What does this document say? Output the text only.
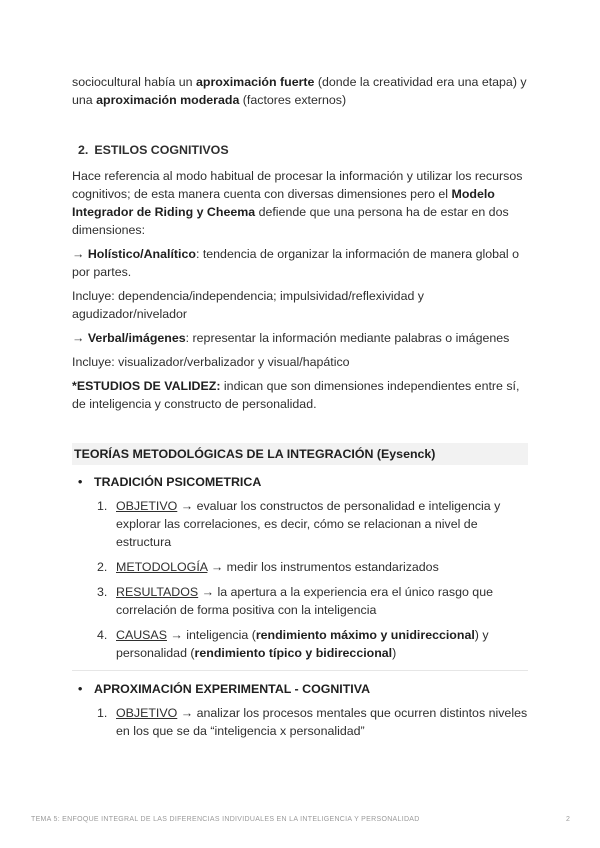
sociocultural había un aproximación fuerte (donde la creatividad era una etapa) y una aproximación moderada (factores externos)

2. ESTILOS COGNITIVOS

Hace referencia al modo habitual de procesar la información y utilizar los recursos cognitivos; de esta manera cuenta con diversas dimensiones pero el Modelo Integrador de Riding y Cheema defiende que una persona ha de estar en dos dimensiones:

→ Holístico/Analítico: tendencia de organizar la información de manera global o por partes.

Incluye: dependencia/independencia; impulsividad/reflexividad y agudizador/nivelador

→ Verbal/imágenes: representar la información mediante palabras o imágenes

Incluye: visualizador/verbalizador y visual/hapático

*ESTUDIOS DE VALIDEZ: indican que son dimensiones independientes entre sí, de inteligencia y constructo de personalidad.

TEORÍAS METODOLÓGICAS DE LA INTEGRACIÓN (Eysenck)
• TRADICIÓN PSICOMETRICA
1. OBJETIVO → evaluar los constructos de personalidad e inteligencia y explorar las correlaciones, es decir, cómo se relacionan a nivel de estructura
2. METODOLOGÍA → medir los instrumentos estandarizados
3. RESULTADOS → la apertura a la experiencia era el único rasgo que correlación de forma positiva con la inteligencia
4. CAUSAS → inteligencia (rendimiento máximo y unidireccional) y personalidad (rendimiento típico y bidireccional)
• APROXIMACIÓN EXPERIMENTAL - COGNITIVA
1. OBJETIVO → analizar los procesos mentales que ocurren distintos niveles en los que se da “inteligencia x personalidad”
TEMA 5: ENFOQUE INTEGRAL DE LAS DIFERENCIAS INDIVIDUALES EN LA INTELIGENCIA Y PERSONALIDAD	2
